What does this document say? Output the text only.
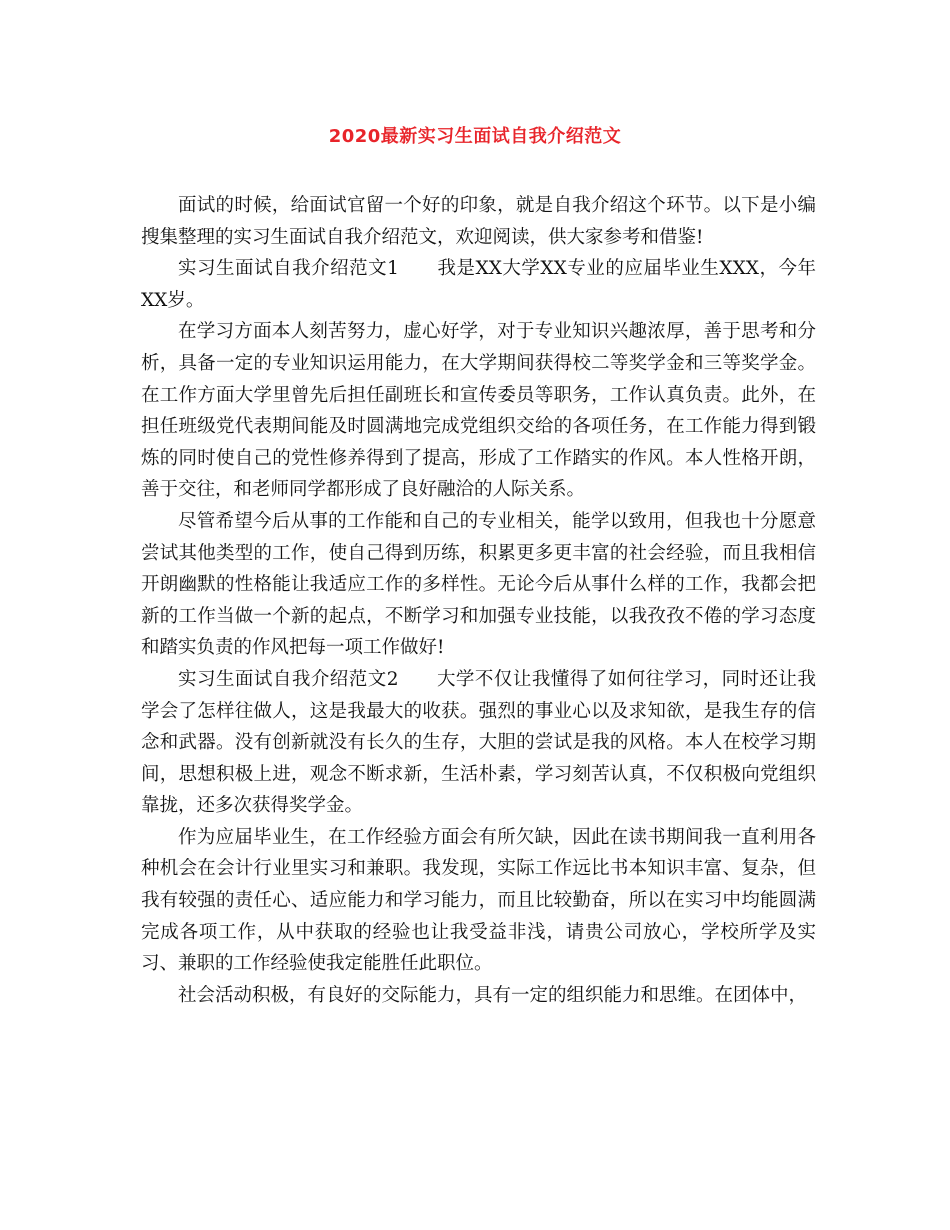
2020最新实习生面试自我介绍范文

面试的时候，给面试官留一个好的印象，就是自我介绍这个环节。以下是小编搜集整理的实习生面试自我介绍范文，欢迎阅读，供大家参考和借鉴!

实习生面试自我介绍范文1　　 我是XX大学XX专业的应届毕业生XXX，今年XX岁。

在学习方面本人刻苦努力，虚心好学，对于专业知识兴趣浓厚，善于思考和分析，具备一定的专业知识运用能力，在大学期间获得校二等奖学金和三等奖学金。在工作方面大学里曾先后担任副班长和宣传委员等职务，工作认真负责。此外，在担任班级党代表期间能及时圆满地完成党组织交给的各项任务，在工作能力得到锻炼的同时使自己的党性修养得到了提高，形成了工作踏实的作风。本人性格开朗，善于交往，和老师同学都形成了良好融洽的人际关系。

尽管希望今后从事的工作能和自己的专业相关，能学以致用，但我也十分愿意尝试其他类型的工作，使自己得到历练，积累更多更丰富的社会经验，而且我相信开朗幽默的性格能让我适应工作的多样性。无论今后从事什么样的工作，我都会把新的工作当做一个新的起点，不断学习和加强专业技能，以我孜孜不倦的学习态度和踏实负责的作风把每一项工作做好!

实习生面试自我介绍范文2　　 大学不仅让我懂得了如何往学习，同时还让我学会了怎样往做人，这是我最大的收获。强烈的事业心以及求知欲，是我生存的信念和武器。没有创新就没有长久的生存，大胆的尝试是我的风格。本人在校学习期间，思想积极上进，观念不断求新，生活朴素，学习刻苦认真，不仅积极向党组织靠拢，还多次获得奖学金。

作为应届毕业生，在工作经验方面会有所欠缺，因此在读书期间我一直利用各种机会在会计行业里实习和兼职。我发现，实际工作远比书本知识丰富、复杂，但我有较强的责任心、适应能力和学习能力，而且比较勤奋，所以在实习中均能圆满完成各项工作，从中获取的经验也让我受益非浅，请贵公司放心，学校所学及实习、兼职的工作经验使我定能胜任此职位。

社会活动积极，有良好的交际能力，具有一定的组织能力和思维。在团体中，
